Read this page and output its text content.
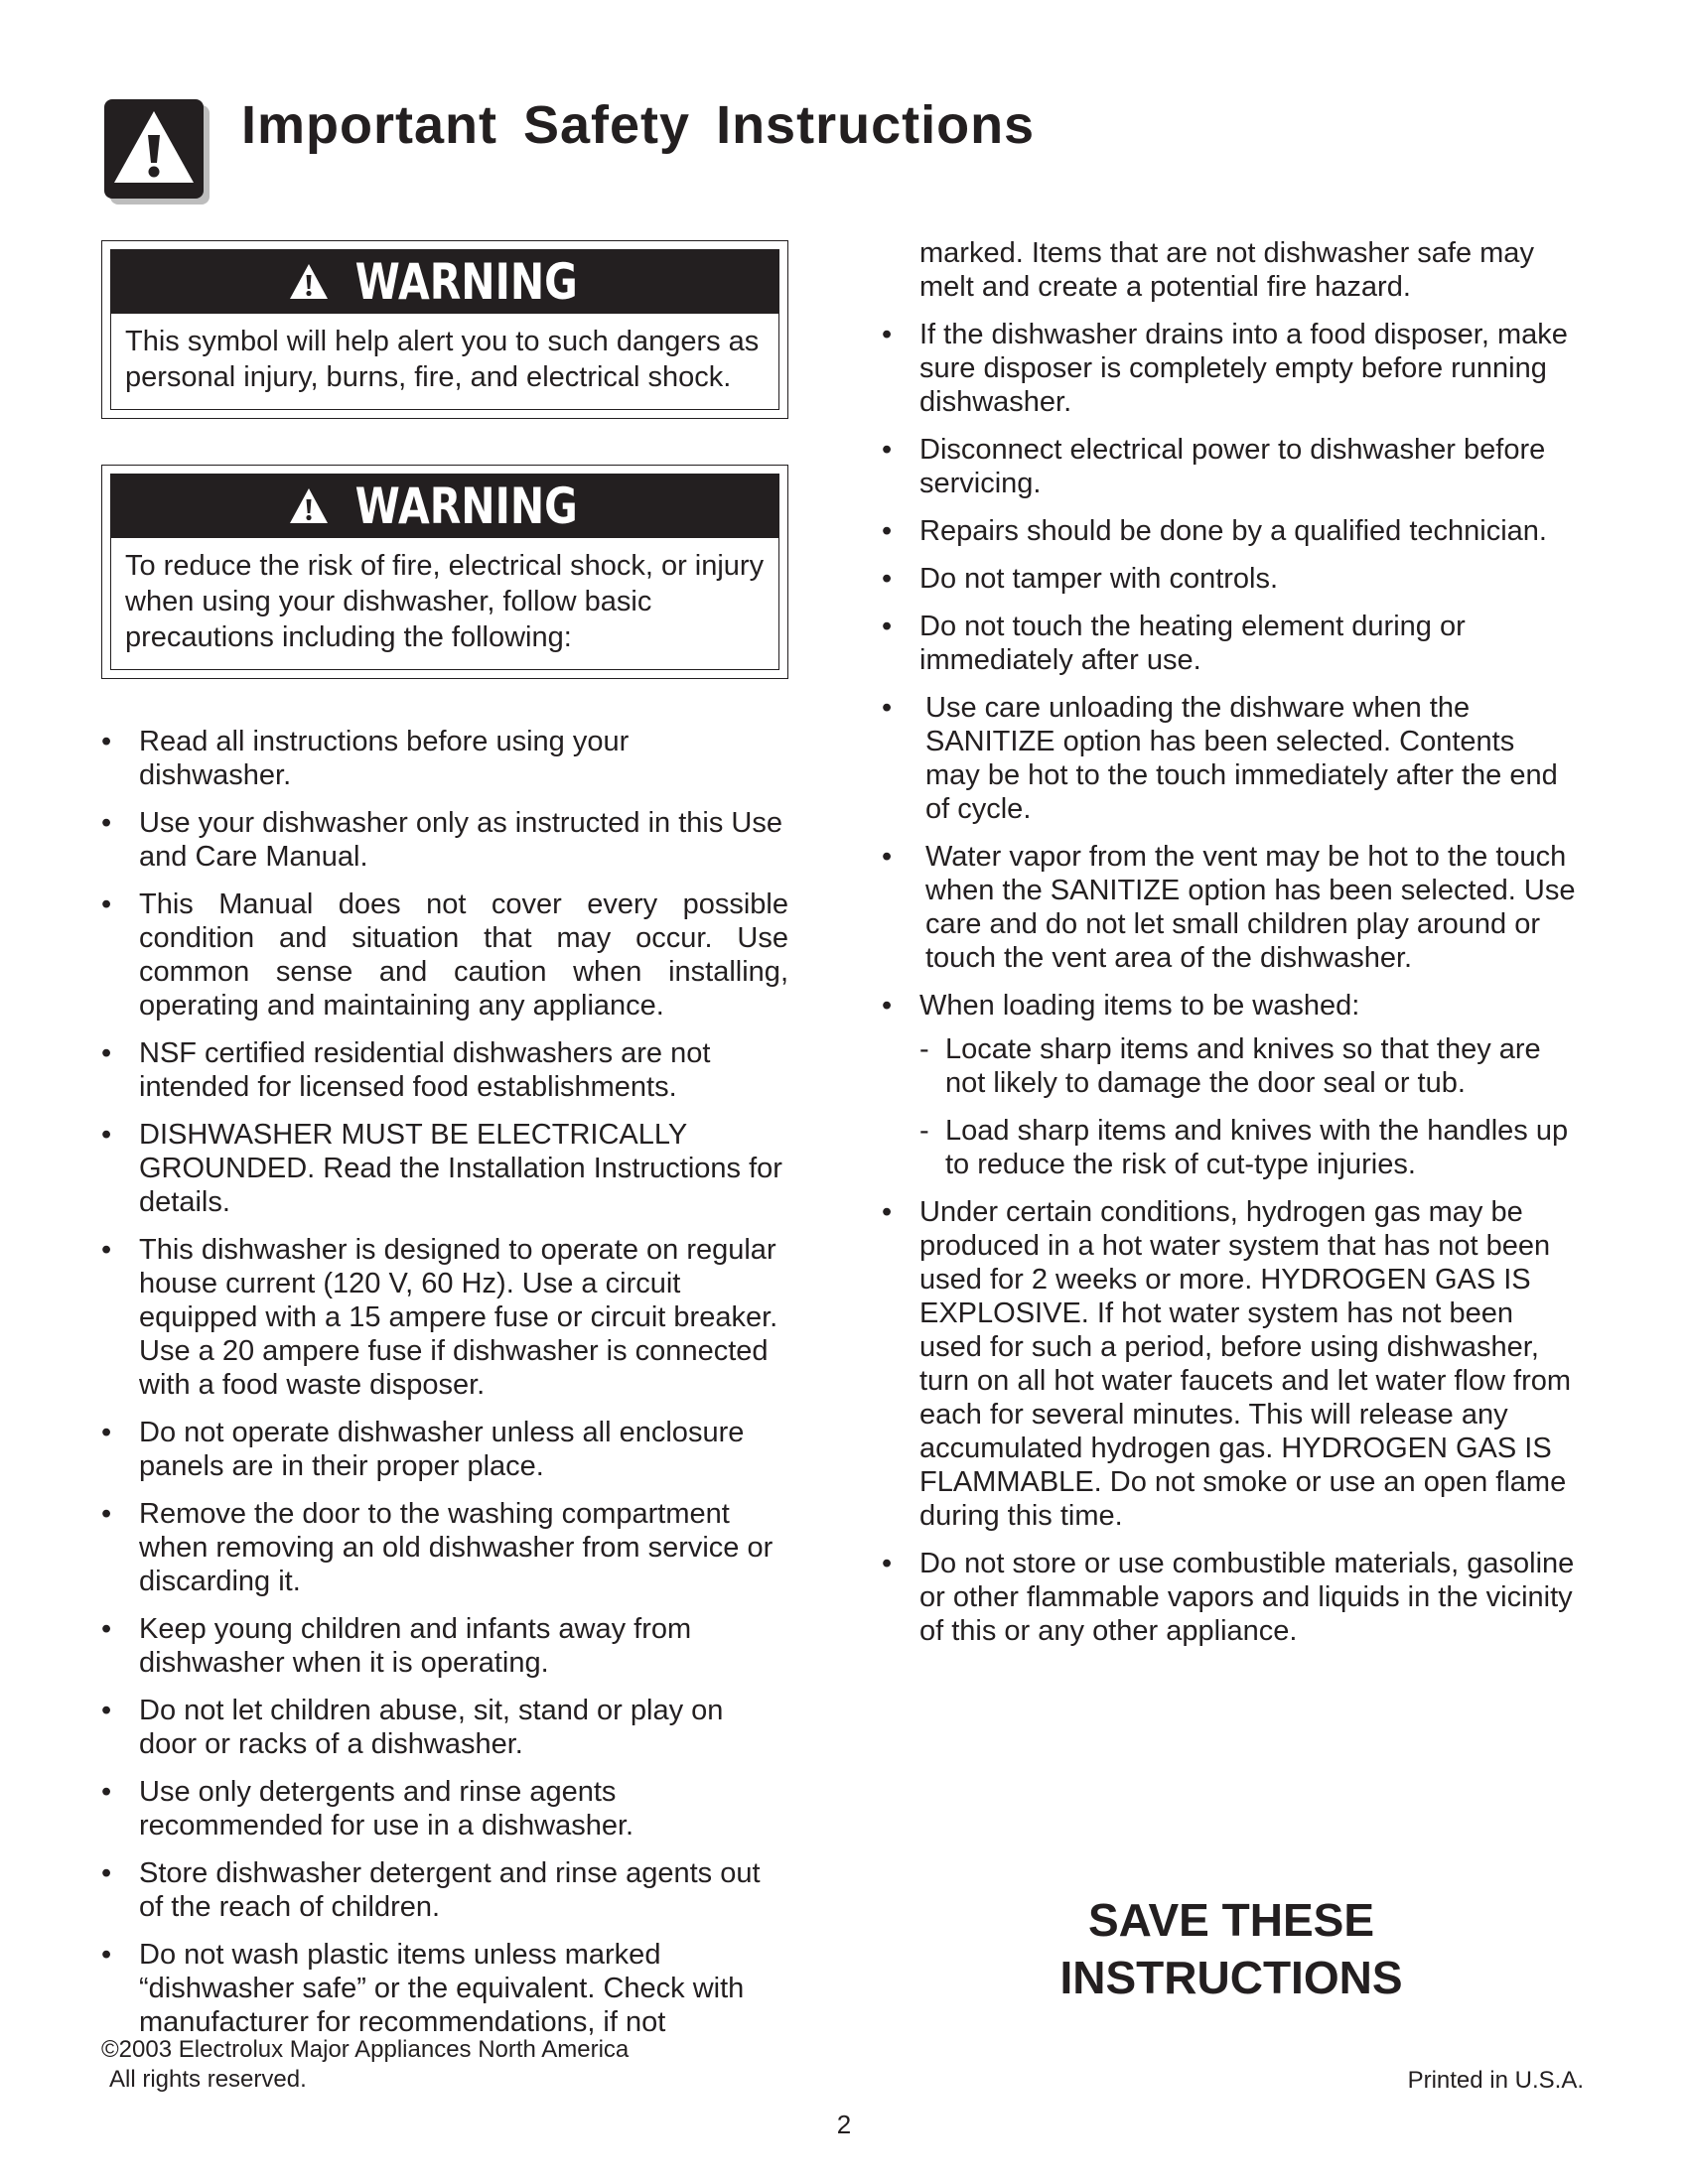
Important Safety Instructions
WARNING
This symbol will help alert you to such dangers as personal injury, burns, fire, and electrical shock.
WARNING
To reduce the risk of fire, electrical shock, or injury when using your dishwasher, follow basic precautions including the following:
• Read all instructions before using your dishwasher.
• Use your dishwasher only as instructed in this Use and Care Manual.
• This Manual does not cover every possible condition and situation that may occur. Use common sense and caution when installing, operating and maintaining any appliance.
• NSF certified residential dishwashers are not intended for licensed food establishments.
• DISHWASHER MUST BE ELECTRICALLY GROUNDED. Read the Installation Instructions for details.
• This dishwasher is designed to operate on regular house current (120 V, 60 Hz). Use a circuit equipped with a 15 ampere fuse or circuit breaker. Use a 20 ampere fuse if dishwasher is connected with a food waste disposer.
• Do not operate dishwasher unless all enclosure panels are in their proper place.
• Remove the door to the washing compartment when removing an old dishwasher from service or discarding it.
• Keep young children and infants away from dishwasher when it is operating.
• Do not let children abuse, sit, stand or play on door or racks of a dishwasher.
• Use only detergents and rinse agents recommended for use in a dishwasher.
• Store dishwasher detergent and rinse agents out of the reach of children.
• Do not wash plastic items unless marked “dishwasher safe” or the equivalent. Check with manufacturer for recommendations, if not
marked. Items that are not dishwasher safe may melt and create a potential fire hazard.
• If the dishwasher drains into a food disposer, make sure disposer is completely empty before running dishwasher.
• Disconnect electrical power to dishwasher before servicing.
• Repairs should be done by a qualified technician.
• Do not tamper with controls.
• Do not touch the heating element during or immediately after use.
• Use care unloading the dishware when the SANITIZE option has been selected. Contents may be hot to the touch immediately after the end of cycle.
• Water vapor from the vent may be hot to the touch when the SANITIZE option has been selected. Use care and do not let small children play around or touch the vent area of the dishwasher.
• When loading items to be washed:
- Locate sharp items and knives so that they are not likely to damage the door seal or tub.
- Load sharp items and knives with the handles up to reduce the risk of cut-type injuries.
• Under certain conditions, hydrogen gas may be produced in a hot water system that has not been used for 2 weeks or more. HYDROGEN GAS IS EXPLOSIVE. If hot water system has not been used for such a period, before using dishwasher, turn on all hot water faucets and let water flow from each for several minutes. This will release any accumulated hydrogen gas. HYDROGEN GAS IS FLAMMABLE. Do not smoke or use an open flame during this time.
• Do not store or use combustible materials, gasoline or other flammable vapors and liquids in the vicinity of this or any other appliance.
SAVE THESE
INSTRUCTIONS
©2003 Electrolux Major Appliances North America
All rights reserved.	Printed in U.S.A.
2
